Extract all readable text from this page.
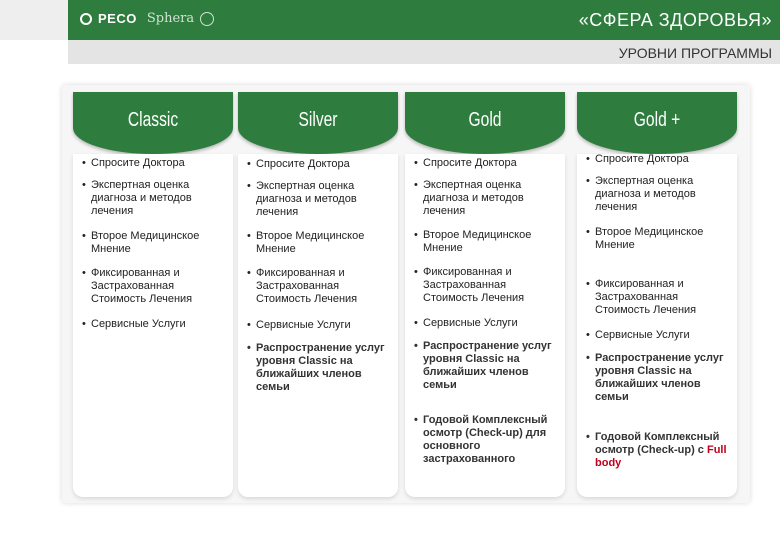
PECO Sphera	«СФЕРА ЗДОРОВЬЯ»
УРОВНИ ПРОГРАММЫ
Classic
• Спросите Доктора
• Экспертная оценка диагноза и методов лечения
• Второе Медицинское Мнение
• Фиксированная и Застрахованная Стоимость Лечения
• Сервисные Услуги
Silver
• Спросите Доктора
• Экспертная оценка диагноза и методов лечения
• Второе Медицинское Мнение
• Фиксированная и Застрахованная Стоимость Лечения
• Сервисные Услуги
• Распространение услуг уровня Classic на ближайших членов семьи
Gold
• Спросите Доктора
• Экспертная оценка диагноза и методов лечения
• Второе Медицинское Мнение
• Фиксированная и Застрахованная Стоимость Лечения
• Сервисные Услуги
• Распространение услуг уровня Classic на ближайших членов семьи
• Годовой Комплексный осмотр (Check-up) для основного застрахованного
Gold +
• Спросите Доктора
• Экспертная оценка диагноза и методов лечения
• Второе Медицинское Мнение
• Фиксированная и Застрахованная Стоимость Лечения
• Сервисные Услуги
• Распространение услуг уровня Classic на ближайших членов семьи
• Годовой Комплексный осмотр (Check-up) с Full body
